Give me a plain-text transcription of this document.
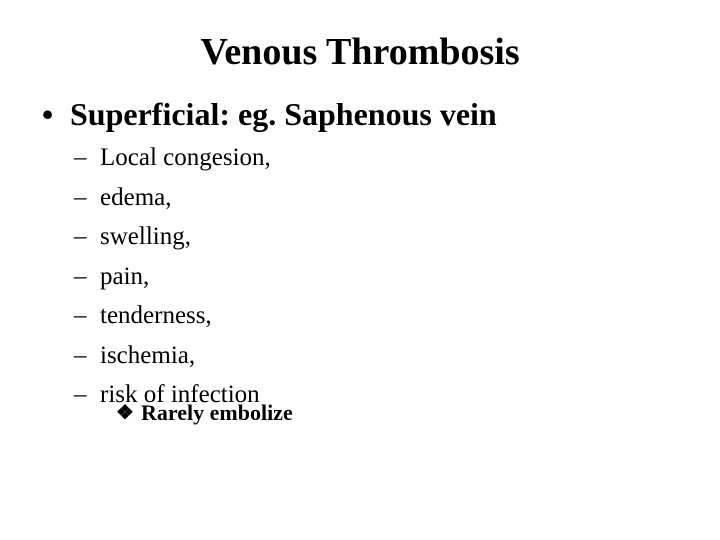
Venous Thrombosis
• Superficial: eg. Saphenous vein
– Local congesion,
– edema,
– swelling,
– pain,
– tenderness,
– ischemia,
– risk of infection
❖ Rarely embolize
